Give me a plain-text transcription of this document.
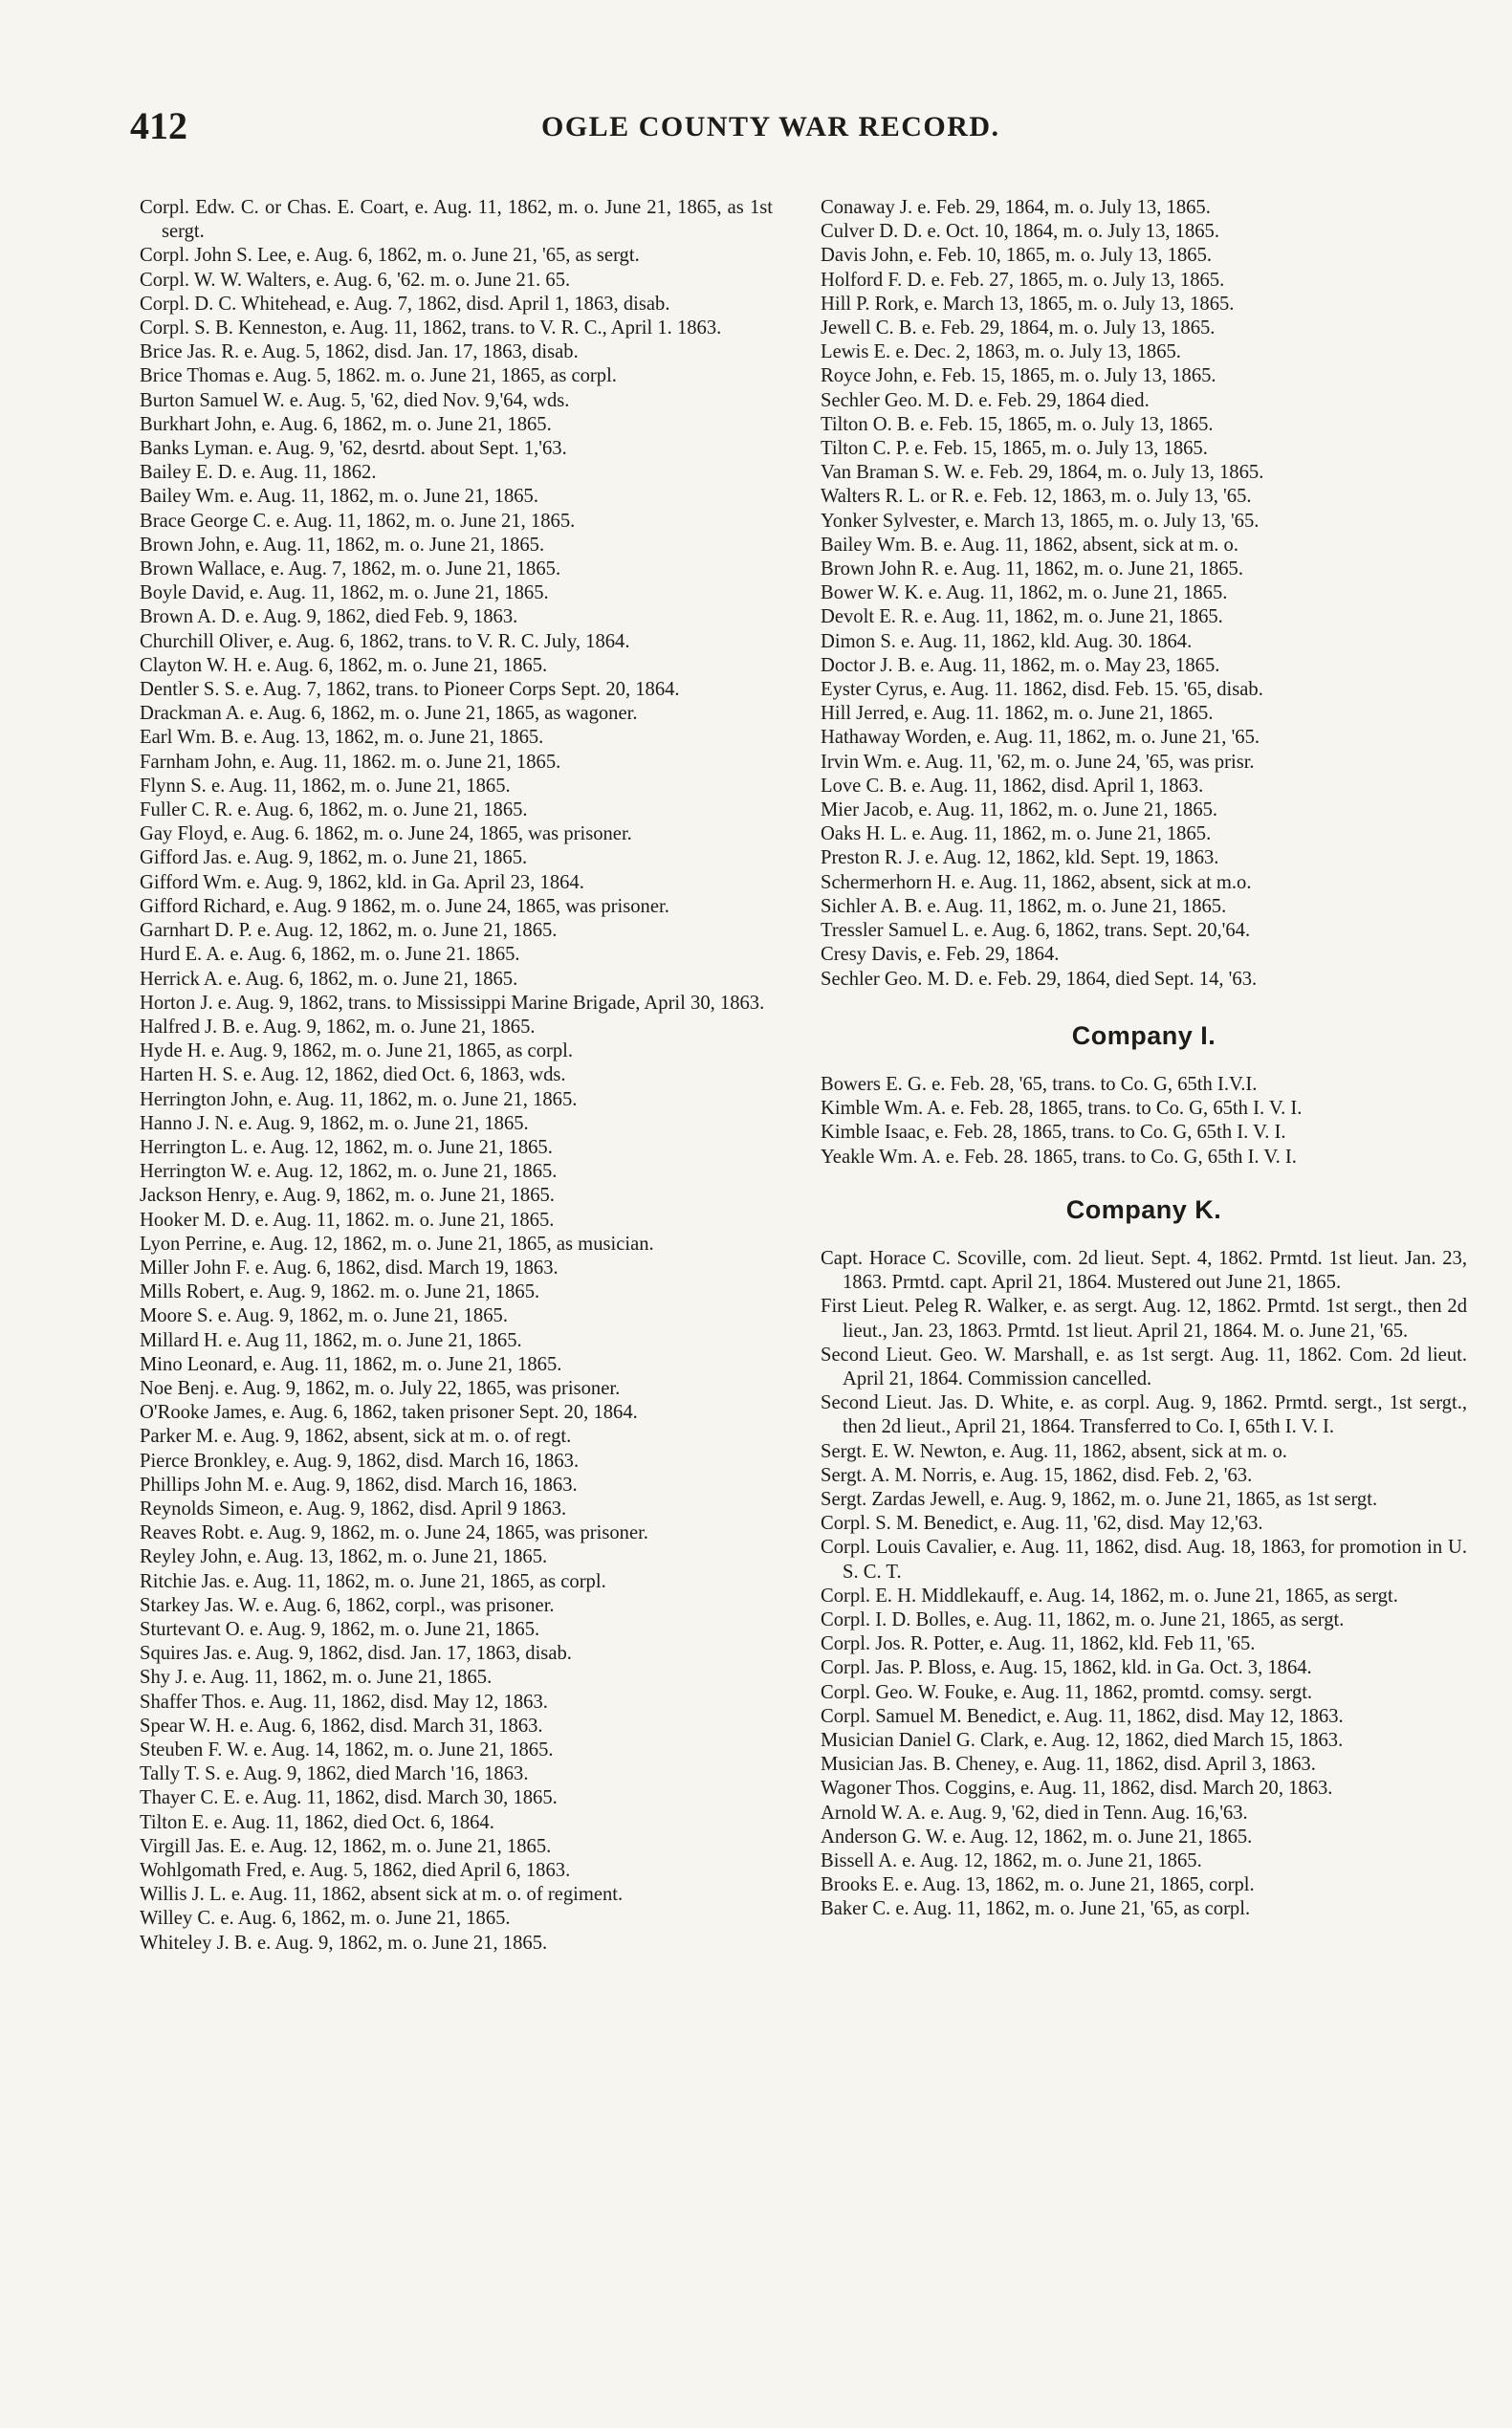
412	OGLE COUNTY WAR RECORD.
Corpl. Edw. C. or Chas. E. Coart, e. Aug. 11, 1862, m. o. June 21, 1865, as 1st sergt.
Corpl. John S. Lee, e. Aug. 6, 1862, m. o. June 21, '65, as sergt.
Corpl. W. W. Walters, e. Aug. 6, '62. m. o. June 21. 65.
Corpl. D. C. Whitehead, e. Aug. 7, 1862, disd. April 1, 1863, disab.
Corpl. S. B. Kenneston, e. Aug. 11, 1862, trans. to V. R. C., April 1. 1863.
Brice Jas. R. e. Aug. 5, 1862, disd. Jan. 17, 1863, disab.
Brice Thomas e. Aug. 5, 1862. m. o. June 21, 1865, as corpl.
Burton Samuel W. e. Aug. 5, '62, died Nov. 9,'64, wds.
Burkhart John, e. Aug. 6, 1862, m. o. June 21, 1865.
Banks Lyman. e. Aug. 9, '62, desrtd. about Sept. 1,'63.
Bailey E. D. e. Aug. 11, 1862.
Bailey Wm. e. Aug. 11, 1862, m. o. June 21, 1865.
Brace George C. e. Aug. 11, 1862, m. o. June 21, 1865.
Brown John, e. Aug. 11, 1862, m. o. June 21, 1865.
Brown Wallace, e. Aug. 7, 1862, m. o. June 21, 1865.
Boyle David, e. Aug. 11, 1862, m. o. June 21, 1865.
Brown A. D. e. Aug. 9, 1862, died Feb. 9, 1863.
Churchill Oliver, e. Aug. 6, 1862, trans. to V. R. C. July, 1864.
Clayton W. H. e. Aug. 6, 1862, m. o. June 21, 1865.
Dentler S. S. e. Aug. 7, 1862, trans. to Pioneer Corps Sept. 20, 1864.
Drackman A. e. Aug. 6, 1862, m. o. June 21, 1865, as wagoner.
Earl Wm. B. e. Aug. 13, 1862, m. o. June 21, 1865.
Farnham John, e. Aug. 11, 1862. m. o. June 21, 1865.
Flynn S. e. Aug. 11, 1862, m. o. June 21, 1865.
Fuller C. R. e. Aug. 6, 1862, m. o. June 21, 1865.
Gay Floyd, e. Aug. 6. 1862, m. o. June 24, 1865, was prisoner.
Gifford Jas. e. Aug. 9, 1862, m. o. June 21, 1865.
Gifford Wm. e. Aug. 9, 1862, kld. in Ga. April 23, 1864.
Gifford Richard, e. Aug. 9 1862, m. o. June 24, 1865, was prisoner.
Garnhart D. P. e. Aug. 12, 1862, m. o. June 21, 1865.
Hurd E. A. e. Aug. 6, 1862, m. o. June 21. 1865.
Herrick A. e. Aug. 6, 1862, m. o. June 21, 1865.
Horton J. e. Aug. 9, 1862, trans. to Mississippi Marine Brigade, April 30, 1863.
Halfred J. B. e. Aug. 9, 1862, m. o. June 21, 1865.
Hyde H. e. Aug. 9, 1862, m. o. June 21, 1865, as corpl.
Harten H. S. e. Aug. 12, 1862, died Oct. 6, 1863, wds.
Herrington John, e. Aug. 11, 1862, m. o. June 21, 1865.
Hanno J. N. e. Aug. 9, 1862, m. o. June 21, 1865.
Herrington L. e. Aug. 12, 1862, m. o. June 21, 1865.
Herrington W. e. Aug. 12, 1862, m. o. June 21, 1865.
Jackson Henry, e. Aug. 9, 1862, m. o. June 21, 1865.
Hooker M. D. e. Aug. 11, 1862. m. o. June 21, 1865.
Lyon Perrine, e. Aug. 12, 1862, m. o. June 21, 1865, as musician.
Miller John F. e. Aug. 6, 1862, disd. March 19, 1863.
Mills Robert, e. Aug. 9, 1862. m. o. June 21, 1865.
Moore S. e. Aug. 9, 1862, m. o. June 21, 1865.
Millard H. e. Aug 11, 1862, m. o. June 21, 1865.
Mino Leonard, e. Aug. 11, 1862, m. o. June 21, 1865.
Noe Benj. e. Aug. 9, 1862, m. o. July 22, 1865, was prisoner.
O'Rooke James, e. Aug. 6, 1862, taken prisoner Sept. 20, 1864.
Parker M. e. Aug. 9, 1862, absent, sick at m. o. of regt.
Pierce Bronkley, e. Aug. 9, 1862, disd. March 16, 1863.
Phillips John M. e. Aug. 9, 1862, disd. March 16, 1863.
Reynolds Simeon, e. Aug. 9, 1862, disd. April 9 1863.
Reaves Robt. e. Aug. 9, 1862, m. o. June 24, 1865, was prisoner.
Reyley John, e. Aug. 13, 1862, m. o. June 21, 1865.
Ritchie Jas. e. Aug. 11, 1862, m. o. June 21, 1865, as corpl.
Starkey Jas. W. e. Aug. 6, 1862, corpl., was prisoner.
Sturtevant O. e. Aug. 9, 1862, m. o. June 21, 1865.
Squires Jas. e. Aug. 9, 1862, disd. Jan. 17, 1863, disab.
Shy J. e. Aug. 11, 1862, m. o. June 21, 1865.
Shaffer Thos. e. Aug. 11, 1862, disd. May 12, 1863.
Spear W. H. e. Aug. 6, 1862, disd. March 31, 1863.
Steuben F. W. e. Aug. 14, 1862, m. o. June 21, 1865.
Tally T. S. e. Aug. 9, 1862, died March '16, 1863.
Thayer C. E. e. Aug. 11, 1862, disd. March 30, 1865.
Tilton E. e. Aug. 11, 1862, died Oct. 6, 1864.
Virgill Jas. E. e. Aug. 12, 1862, m. o. June 21, 1865.
Wohlgomath Fred, e. Aug. 5, 1862, died April 6, 1863.
Willis J. L. e. Aug. 11, 1862, absent sick at m. o. of regiment.
Willey C. e. Aug. 6, 1862, m. o. June 21, 1865.
Whiteley J. B. e. Aug. 9, 1862, m. o. June 21, 1865.
Conaway J. e. Feb. 29, 1864, m. o. July 13, 1865.
Culver D. D. e. Oct. 10, 1864, m. o. July 13, 1865.
Davis John, e. Feb. 10, 1865, m. o. July 13, 1865.
Holford F. D. e. Feb. 27, 1865, m. o. July 13, 1865.
Hill P. Rork, e. March 13, 1865, m. o. July 13, 1865.
Jewell C. B. e. Feb. 29, 1864, m. o. July 13, 1865.
Lewis E. e. Dec. 2, 1863, m. o. July 13, 1865.
Royce John, e. Feb. 15, 1865, m. o. July 13, 1865.
Sechler Geo. M. D. e. Feb. 29, 1864 died.
Tilton O. B. e. Feb. 15, 1865, m. o. July 13, 1865.
Tilton C. P. e. Feb. 15, 1865, m. o. July 13, 1865.
Van Braman S. W. e. Feb. 29, 1864, m. o. July 13, 1865.
Walters R. L. or R. e. Feb. 12, 1863, m. o. July 13, '65.
Yonker Sylvester, e. March 13, 1865, m. o. July 13, '65.
Bailey Wm. B. e. Aug. 11, 1862, absent, sick at m. o.
Brown John R. e. Aug. 11, 1862, m. o. June 21, 1865.
Bower W. K. e. Aug. 11, 1862, m. o. June 21, 1865.
Devolt E. R. e. Aug. 11, 1862, m. o. June 21, 1865.
Dimon S. e. Aug. 11, 1862, kld. Aug. 30. 1864.
Doctor J. B. e. Aug. 11, 1862, m. o. May 23, 1865.
Eyster Cyrus, e. Aug. 11. 1862, disd. Feb. 15. '65, disab.
Hill Jerred, e. Aug. 11. 1862, m. o. June 21, 1865.
Hathaway Worden, e. Aug. 11, 1862, m. o. June 21, '65.
Irvin Wm. e. Aug. 11, '62, m. o. June 24, '65, was prisr.
Love C. B. e. Aug. 11, 1862, disd. April 1, 1863.
Mier Jacob, e. Aug. 11, 1862, m. o. June 21, 1865.
Oaks H. L. e. Aug. 11, 1862, m. o. June 21, 1865.
Preston R. J. e. Aug. 12, 1862, kld. Sept. 19, 1863.
Schermerhorn H. e. Aug. 11, 1862, absent, sick at m.o.
Sichler A. B. e. Aug. 11, 1862, m. o. June 21, 1865.
Tressler Samuel L. e. Aug. 6, 1862, trans. Sept. 20,'64.
Cresy Davis, e. Feb. 29, 1864.
Sechler Geo. M. D. e. Feb. 29, 1864, died Sept. 14, '63.
Company I.
Bowers E. G. e. Feb. 28, '65, trans. to Co. G, 65th I.V.I.
Kimble Wm. A. e. Feb. 28, 1865, trans. to Co. G, 65th I. V. I.
Kimble Isaac, e. Feb. 28, 1865, trans. to Co. G, 65th I. V. I.
Yeakle Wm. A. e. Feb. 28. 1865, trans. to Co. G, 65th I. V. I.
Company K.
Capt. Horace C. Scoville, com. 2d lieut. Sept. 4, 1862. Prmtd. 1st lieut. Jan. 23, 1863. Prmtd. capt. April 21, 1864. Mustered out June 21, 1865.
First Lieut. Peleg R. Walker, e. as sergt. Aug. 12, 1862. Prmtd. 1st sergt., then 2d lieut., Jan. 23, 1863. Prmtd. 1st lieut. April 21, 1864. M. o. June 21, '65.
Second Lieut. Geo. W. Marshall, e. as 1st sergt. Aug. 11, 1862. Com. 2d lieut. April 21, 1864. Commission cancelled.
Second Lieut. Jas. D. White, e. as corpl. Aug. 9, 1862. Prmtd. sergt., 1st sergt., then 2d lieut., April 21, 1864. Transferred to Co. I, 65th I. V. I.
Sergt. E. W. Newton, e. Aug. 11, 1862, absent, sick at m. o.
Sergt. A. M. Norris, e. Aug. 15, 1862, disd. Feb. 2, '63.
Sergt. Zardas Jewell, e. Aug. 9, 1862, m. o. June 21, 1865, as 1st sergt.
Corpl. S. M. Benedict, e. Aug. 11, '62, disd. May 12,'63.
Corpl. Louis Cavalier, e. Aug. 11, 1862, disd. Aug. 18, 1863, for promotion in U. S. C. T.
Corpl. E. H. Middlekauff, e. Aug. 14, 1862, m. o. June 21, 1865, as sergt.
Corpl. I. D. Bolles, e. Aug. 11, 1862, m. o. June 21, 1865, as sergt.
Corpl. Jos. R. Potter, e. Aug. 11, 1862, kld. Feb 11, '65.
Corpl. Jas. P. Bloss, e. Aug. 15, 1862, kld. in Ga. Oct. 3, 1864.
Corpl. Geo. W. Fouke, e. Aug. 11, 1862, promtd. comsy. sergt.
Corpl. Samuel M. Benedict, e. Aug. 11, 1862, disd. May 12, 1863.
Musician Daniel G. Clark, e. Aug. 12, 1862, died March 15, 1863.
Musician Jas. B. Cheney, e. Aug. 11, 1862, disd. April 3, 1863.
Wagoner Thos. Coggins, e. Aug. 11, 1862, disd. March 20, 1863.
Arnold W. A. e. Aug. 9, '62, died in Tenn. Aug. 16,'63.
Anderson G. W. e. Aug. 12, 1862, m. o. June 21, 1865.
Bissell A. e. Aug. 12, 1862, m. o. June 21, 1865.
Brooks E. e. Aug. 13, 1862, m. o. June 21, 1865, corpl.
Baker C. e. Aug. 11, 1862, m. o. June 21, '65, as corpl.
